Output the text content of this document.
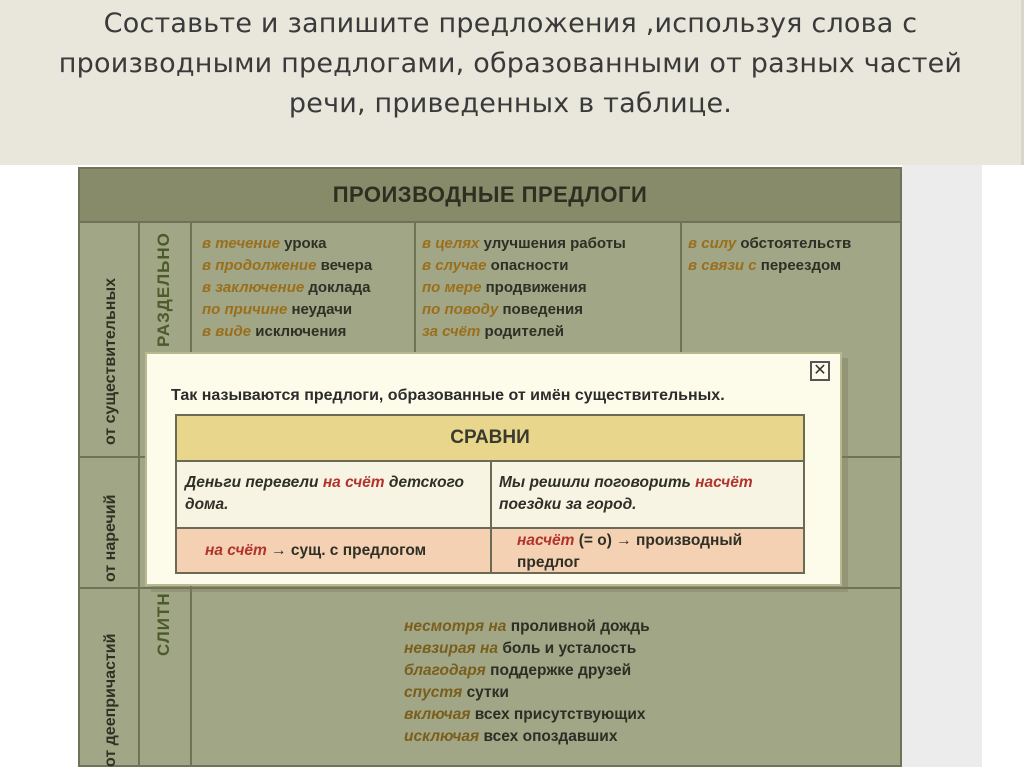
Составьте и запишите предложения ,используя слова с производными предлогами, образованными от разных частей речи, приведенных в таблице.

ПРОИЗВОДНЫЕ ПРЕДЛОГИ
от существительных
от наречий
от деепричастий
РАЗДЕЛЬНО
СЛИТН
в течение урока
в продолжение вечера
в заключение доклада
по причине неудачи
в виде исключения
в целях улучшения работы
в случае опасности
по мере продвижения
по поводу поведения
за счёт родителей
в силу обстоятельств
в связи с переездом
несмотря на проливной дождь
невзирая на боль и усталость
благодаря поддержке друзей
спустя сутки
включая всех присутствующих
исключая всех опоздавших
✕
Так называются предлоги, образованные от имён существительных.
СРАВНИ
Деньги перевели на счёт детского дома.
Мы решили поговорить насчёт поездки за город.
на счёт → сущ. с предлогом
насчёт (= о) → производный предлог
